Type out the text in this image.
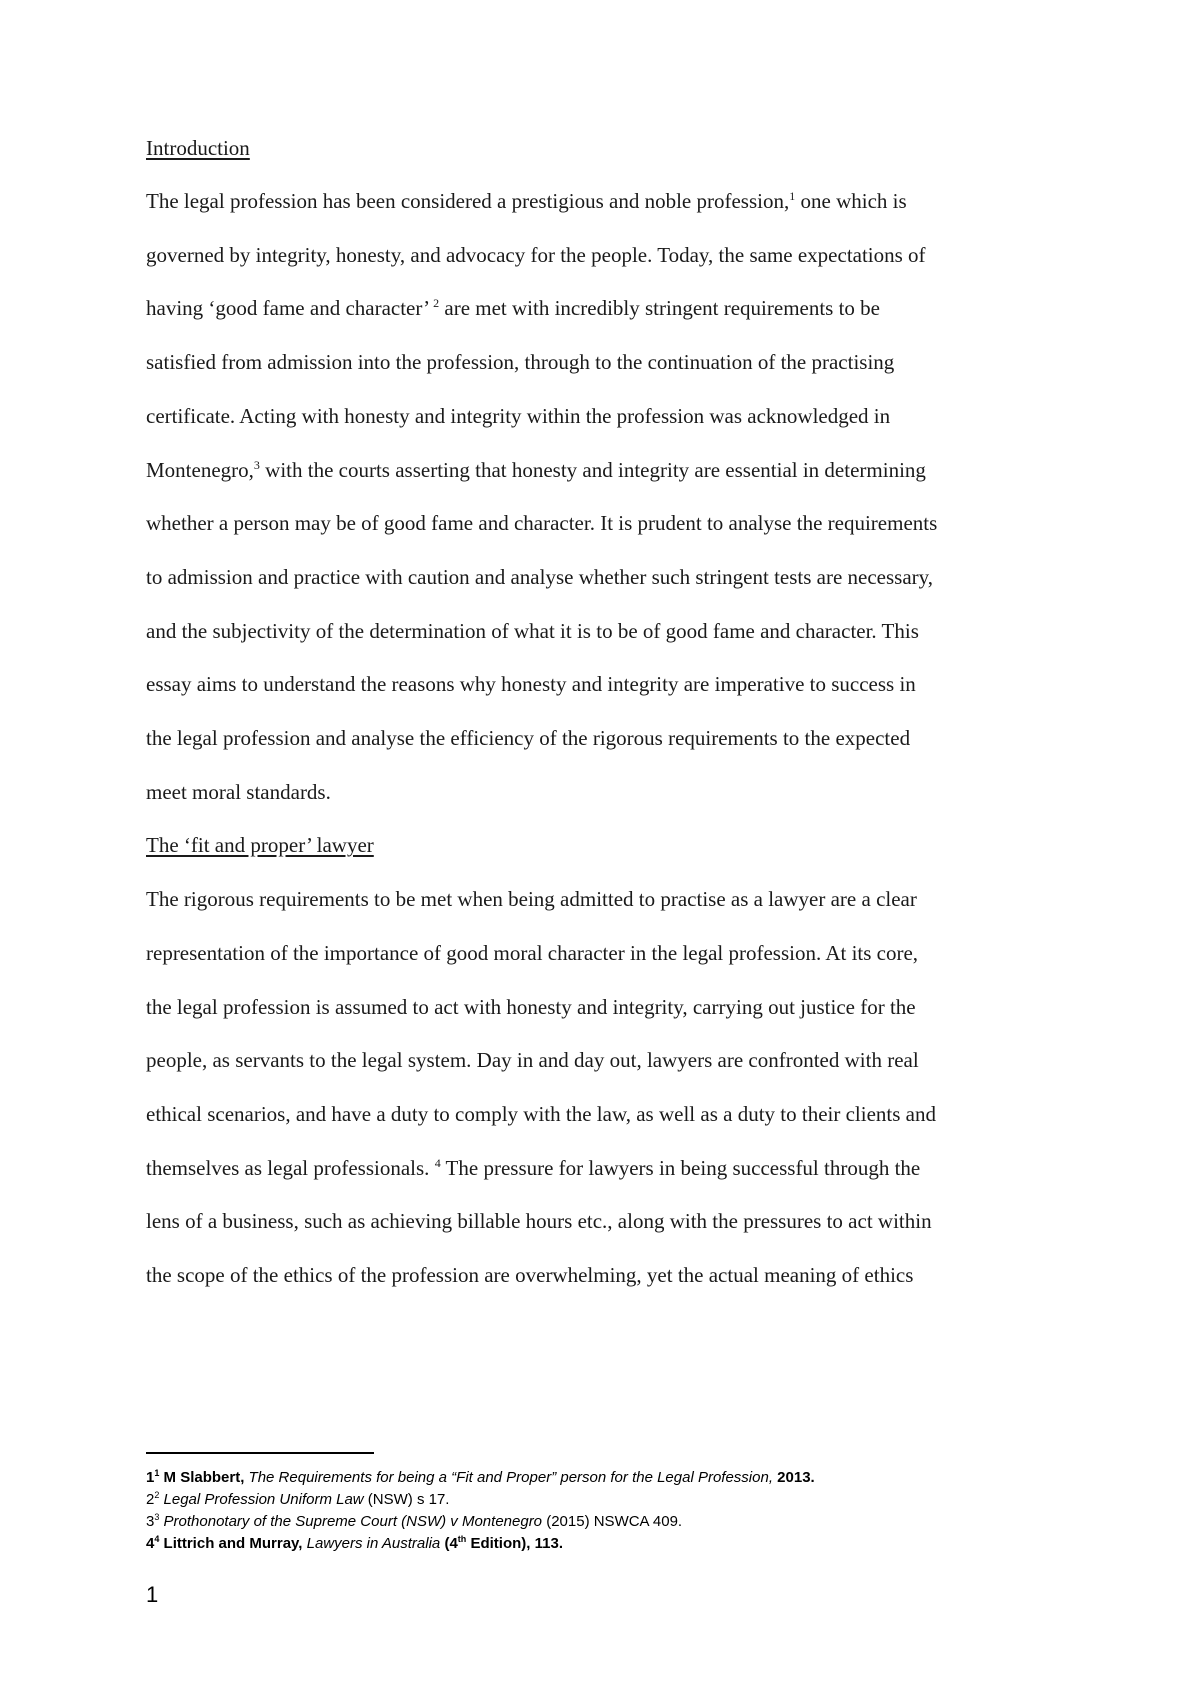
Introduction
The legal profession has been considered a prestigious and noble profession,$^1$ one which is
governed by integrity, honesty, and advocacy for the people. Today, the same expectations of
having ‘good fame and character’ $^2$ are met with incredibly stringent requirements to be
satisfied from admission into the profession, through to the continuation of the practising
certificate. Acting with honesty and integrity within the profession was acknowledged in
Montenegro,$^3$ with the courts asserting that honesty and integrity are essential in determining
whether a person may be of good fame and character. It is prudent to analyse the requirements
to admission and practice with caution and analyse whether such stringent tests are necessary,
and the subjectivity of the determination of what it is to be of good fame and character. This
essay aims to understand the reasons why honesty and integrity are imperative to success in
the legal profession and analyse the efficiency of the rigorous requirements to the expected
meet moral standards.
The ‘fit and proper’ lawyer
The rigorous requirements to be met when being admitted to practise as a lawyer are a clear
representation of the importance of good moral character in the legal profession. At its core,
the legal profession is assumed to act with honesty and integrity, carrying out justice for the
people, as servants to the legal system. Day in and day out, lawyers are confronted with real
ethical scenarios, and have a duty to comply with the law, as well as a duty to their clients and
themselves as legal professionals. $^4$ The pressure for lawyers in being successful through the
lens of a business, such as achieving billable hours etc., along with the pressures to act within
the scope of the ethics of the profession are overwhelming, yet the actual meaning of ethics
$1^1$ M Slabbert, The Requirements for being a “Fit and Proper” person for the Legal Profession, 2013.
$2^2$ Legal Profession Uniform Law (NSW) s 17.
$3^3$ Prothonotary of the Supreme Court (NSW) v Montenegro (2015) NSWCA 409.
$4^4$ Littrich and Murray, Lawyers in Australia (4th Edition), 113.
1
